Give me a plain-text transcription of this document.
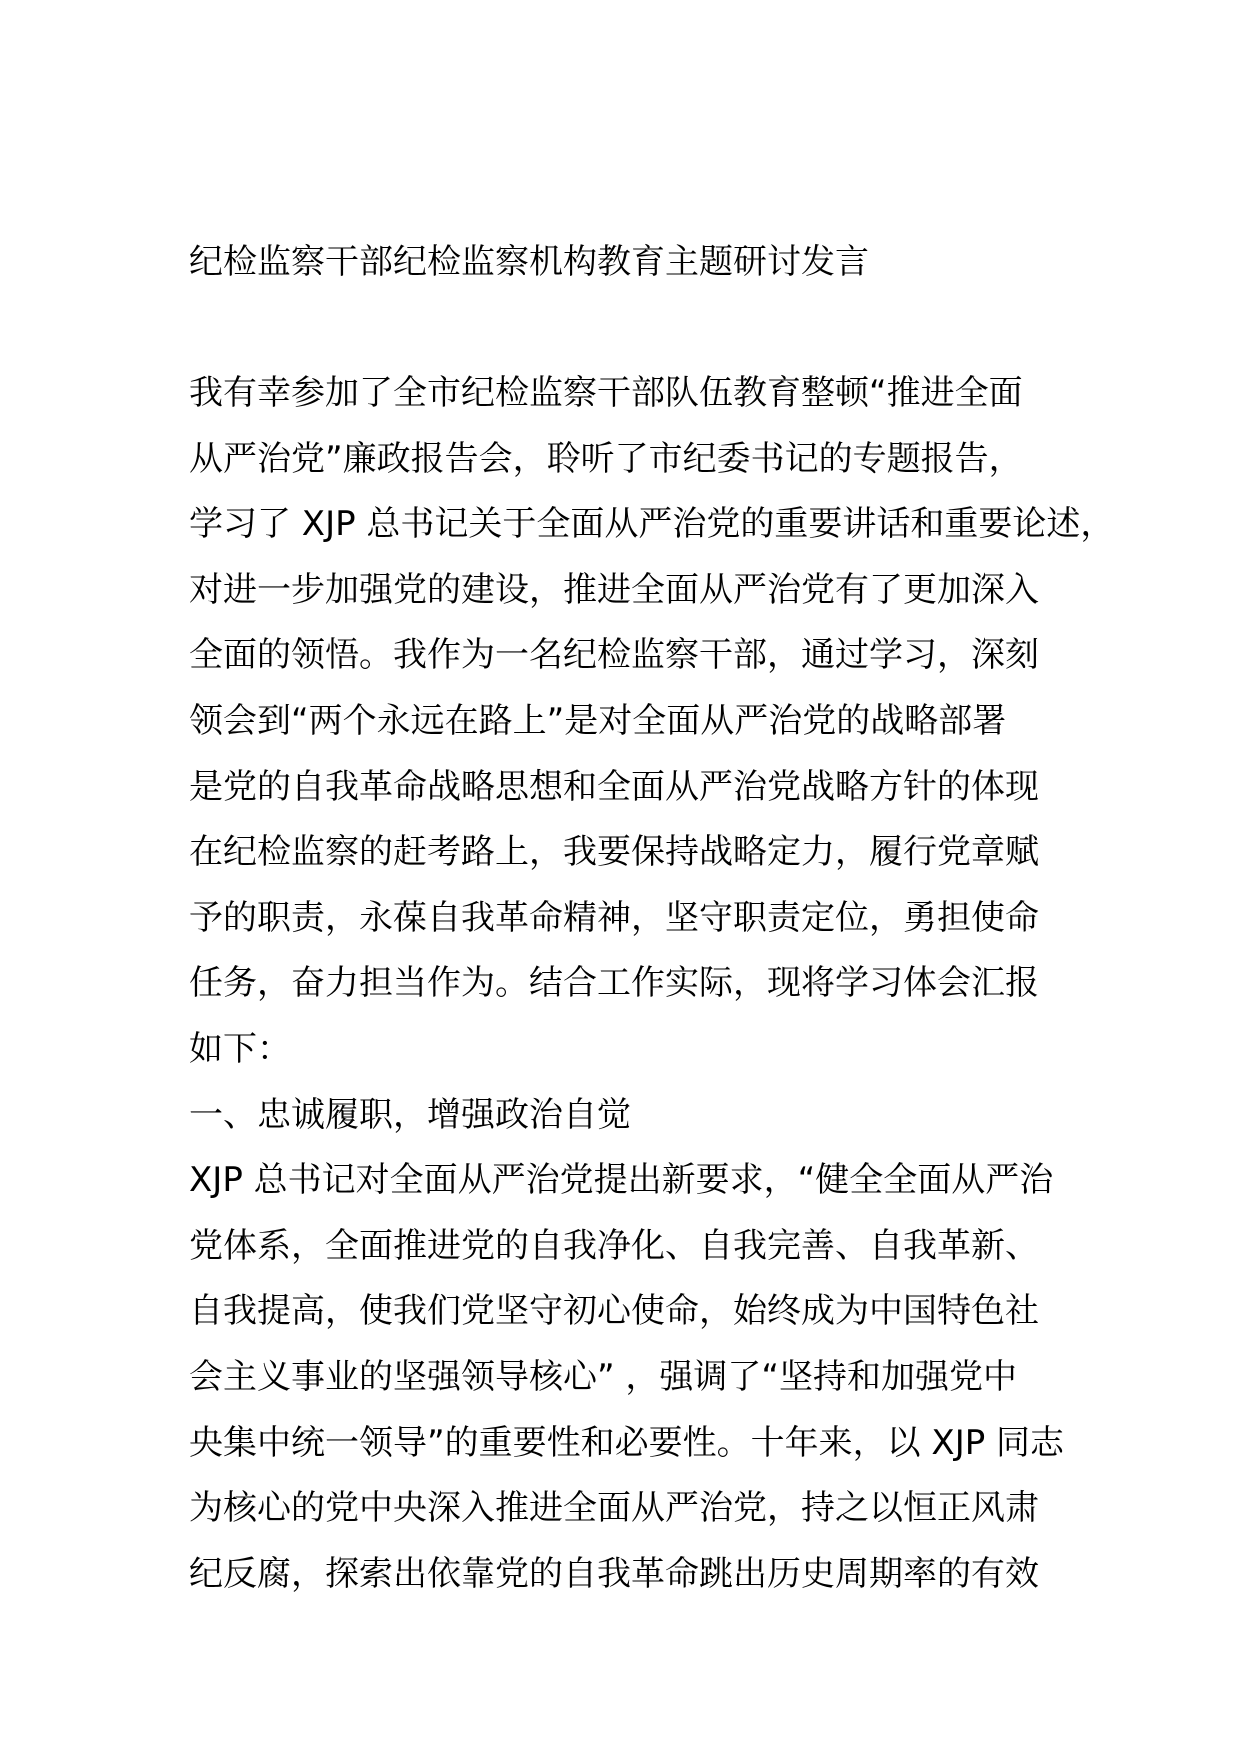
纪检监察干部纪检监察机构教育主题研讨发言
我有幸参加了全市纪检监察干部队伍教育整顿“推进全面
从严治党”廉政报告会，聆听了市纪委书记的专题报告，
学习了 XJP 总书记关于全面从严治党的重要讲话和重要论述，
对进一步加强党的建设，推进全面从严治党有了更加深入
全面的领悟。我作为一名纪检监察干部，通过学习，深刻
领会到“两个永远在路上”是对全面从严治党的战略部署
是党的自我革命战略思想和全面从严治党战略方针的体现
在纪检监察的赶考路上，我要保持战略定力，履行党章赋
予的职责，永葆自我革命精神，坚守职责定位，勇担使命
任务，奋力担当作为。结合工作实际，现将学习体会汇报
如下：
一、忠诚履职，增强政治自觉
XJP 总书记对全面从严治党提出新要求，“健全全面从严治
党体系，全面推进党的自我净化、自我完善、自我革新、
自我提高，使我们党坚守初心使命，始终成为中国特色社
会主义事业的坚强领导核心” ，强调了“坚持和加强党中
央集中统一领导”的重要性和必要性。十年来，以 XJP 同志
为核心的党中央深入推进全面从严治党，持之以恒正风肃
纪反腐，探索出依靠党的自我革命跳出历史周期率的有效
